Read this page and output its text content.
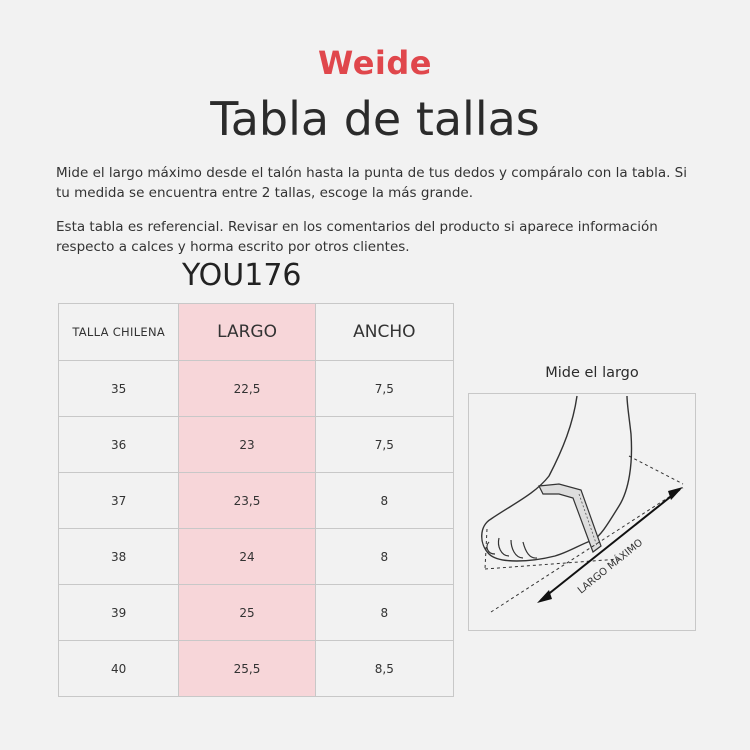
Weide
Tabla de tallas
Mide el largo máximo desde el talón hasta la punta de tus dedos y compáralo con la tabla. Si tu medida se encuentra entre 2 tallas, escoge la más grande.
Esta tabla es referencial. Revisar en los comentarios del producto si aparece información respecto a calces y horma escrito por otros clientes.
YOU176
TALLA CHILENA	LARGO	ANCHO
35	22,5	7,5
36	23	7,5
37	23,5	8
38	24	8
39	25	8
40	25,5	8,5
Mide el largo
LARGO MÁXIMO
